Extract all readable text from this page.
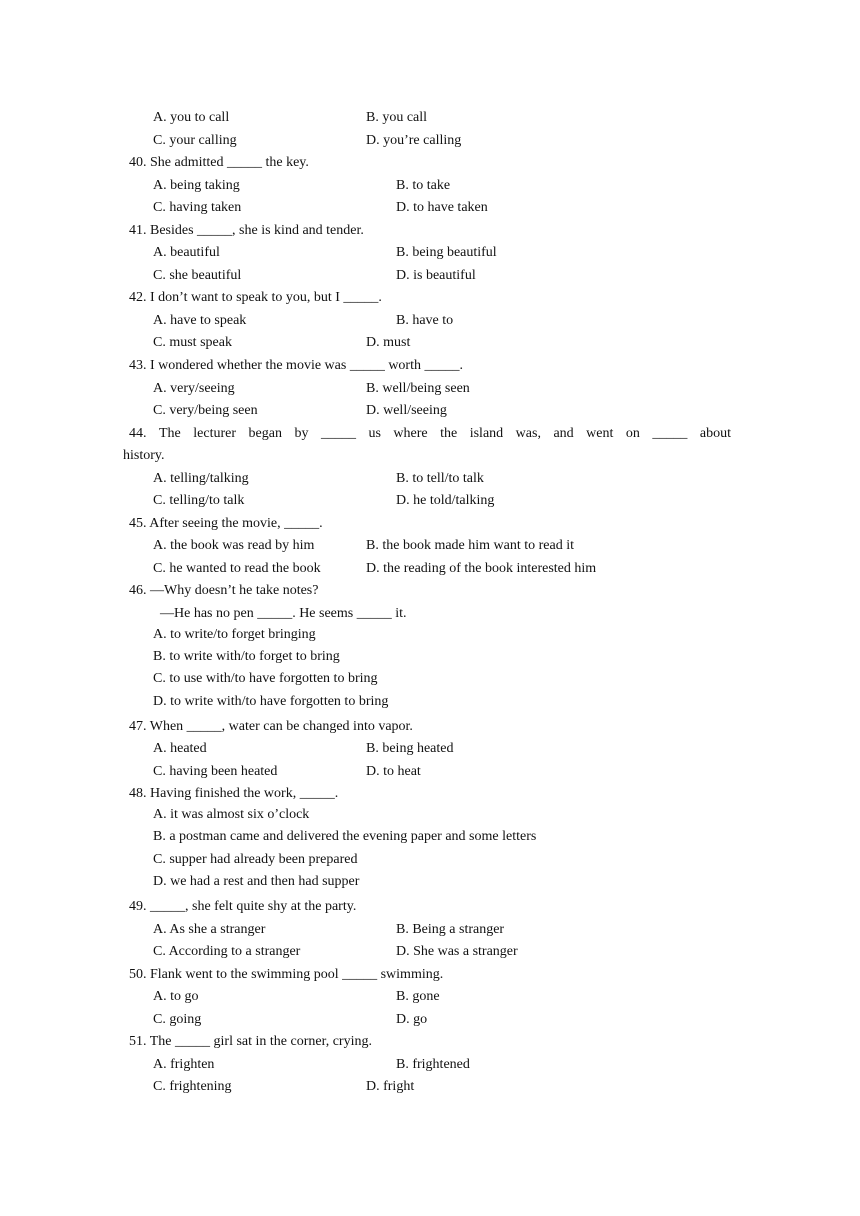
A. you to call	B. you call
C. your calling	D. you’re calling
40. She admitted _____ the key.
A. being taking	B. to take
C. having taken	D. to have taken
41. Besides _____, she is kind and tender.
A. beautiful	B. being beautiful
C. she beautiful	D. is beautiful
42. I don’t want to speak to you, but I _____.
A. have to speak	B. have to
C. must speak	D. must
43. I wondered whether the movie was _____ worth _____.
A. very/seeing	B. well/being seen
C. very/being seen	D. well/seeing
44. The lecturer began by _____ us where the island was, and went on _____ about
history.
A. telling/talking	B. to tell/to talk
C. telling/to talk	D. he told/talking
45. After seeing the movie, _____.
A. the book was read by him	B. the book made him want to read it
C. he wanted to read the book	D. the reading of the book interested him
46. —Why doesn’t he take notes?
—He has no pen _____. He seems _____ it.
A. to write/to forget bringing
B. to write with/to forget to bring
C. to use with/to have forgotten to bring
D. to write with/to have forgotten to bring
47. When _____, water can be changed into vapor.
A. heated	B. being heated
C. having been heated	D. to heat
48. Having finished the work, _____.
A. it was almost six o’clock
B. a postman came and delivered the evening paper and some letters
C. supper had already been prepared
D. we had a rest and then had supper
49. _____, she felt quite shy at the party.
A. As she a stranger	B. Being a stranger
C. According to a stranger	D. She was a stranger
50. Flank went to the swimming pool _____ swimming.
A. to go	B. gone
C. going	D. go
51. The _____ girl sat in the corner, crying.
A. frighten	B. frightened
C. frightening	D. fright
